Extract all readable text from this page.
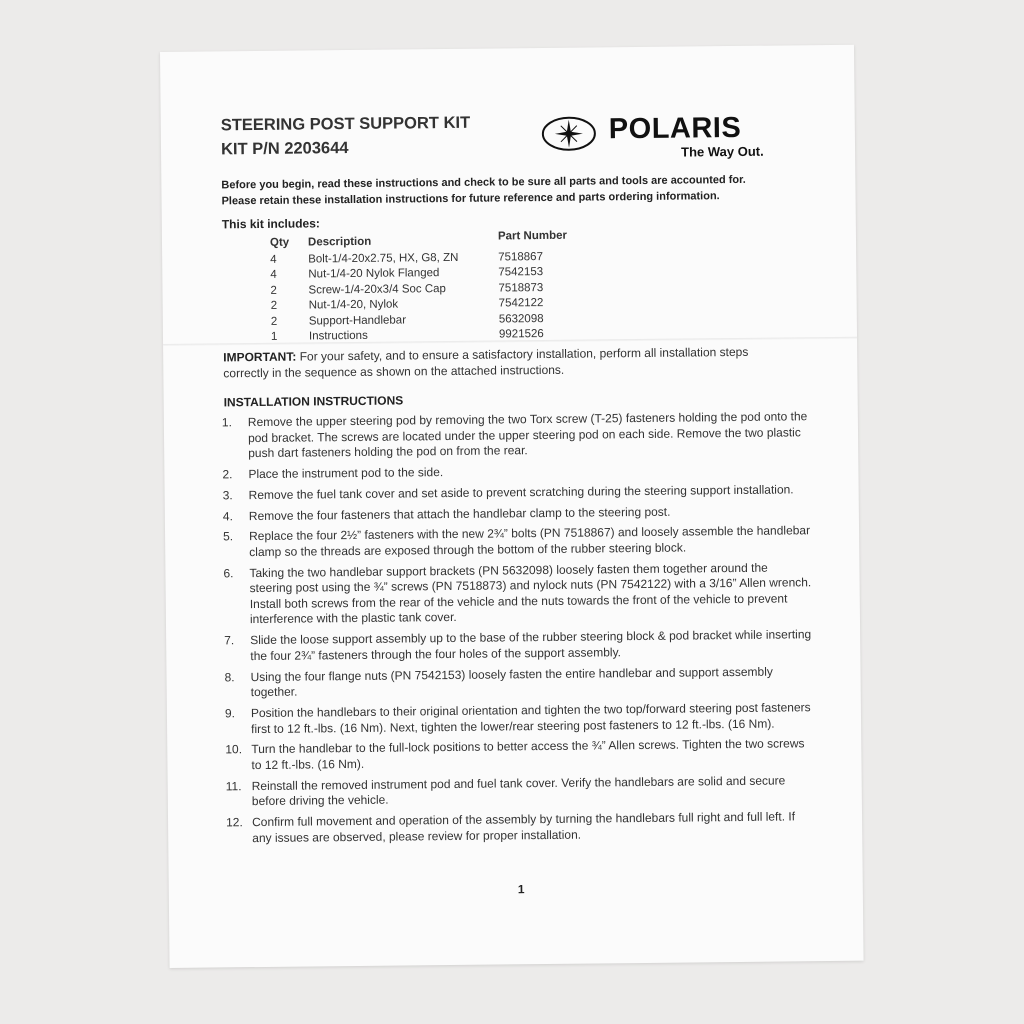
STEERING POST SUPPORT KIT
KIT P/N 2203644
POLARIS
The Way Out.
Before you begin, read these instructions and check to be sure all parts and tools are accounted for.
Please retain these installation instructions for future reference and parts ordering information.
This kit includes:
Qty Description	Part Number
4	Bolt-1/4-20x2.75, HX, G8, ZN	7518867
4	Nut-1/4-20 Nylok Flanged	7542153
2	Screw-1/4-20x3/4 Soc Cap	7518873
2	Nut-1/4-20, Nylok	7542122
2	Support-Handlebar	5632098
1	Instructions	9921526
IMPORTANT: For your safety, and to ensure a satisfactory installation, perform all installation steps correctly in the sequence as shown on the attached instructions.
INSTALLATION INSTRUCTIONS
1. Remove the upper steering pod by removing the two Torx screw (T-25) fasteners holding the pod onto the pod bracket. The screws are located under the upper steering pod on each side. Remove the two plastic push dart fasteners holding the pod on from the rear.
2. Place the instrument pod to the side.
3. Remove the fuel tank cover and set aside to prevent scratching during the steering support installation.
4. Remove the four fasteners that attach the handlebar clamp to the steering post.
5. Replace the four 2½” fasteners with the new 2¾” bolts (PN 7518867) and loosely assemble the handlebar clamp so the threads are exposed through the bottom of the rubber steering block.
6. Taking the two handlebar support brackets (PN 5632098) loosely fasten them together around the steering post using the ¾” screws (PN 7518873) and nylock nuts (PN 7542122) with a 3/16” Allen wrench. Install both screws from the rear of the vehicle and the nuts towards the front of the vehicle to prevent interference with the plastic tank cover.
7. Slide the loose support assembly up to the base of the rubber steering block & pod bracket while inserting the four 2¾” fasteners through the four holes of the support assembly.
8. Using the four flange nuts (PN 7542153) loosely fasten the entire handlebar and support assembly together.
9. Position the handlebars to their original orientation and tighten the two top/forward steering post fasteners first to 12 ft.-lbs. (16 Nm). Next, tighten the lower/rear steering post fasteners to 12 ft.-lbs. (16 Nm).
10. Turn the handlebar to the full-lock positions to better access the ¾” Allen screws. Tighten the two screws to 12 ft.-lbs. (16 Nm).
11. Reinstall the removed instrument pod and fuel tank cover. Verify the handlebars are solid and secure before driving the vehicle.
12. Confirm full movement and operation of the assembly by turning the handlebars full right and full left. If any issues are observed, please review for proper installation.
1
